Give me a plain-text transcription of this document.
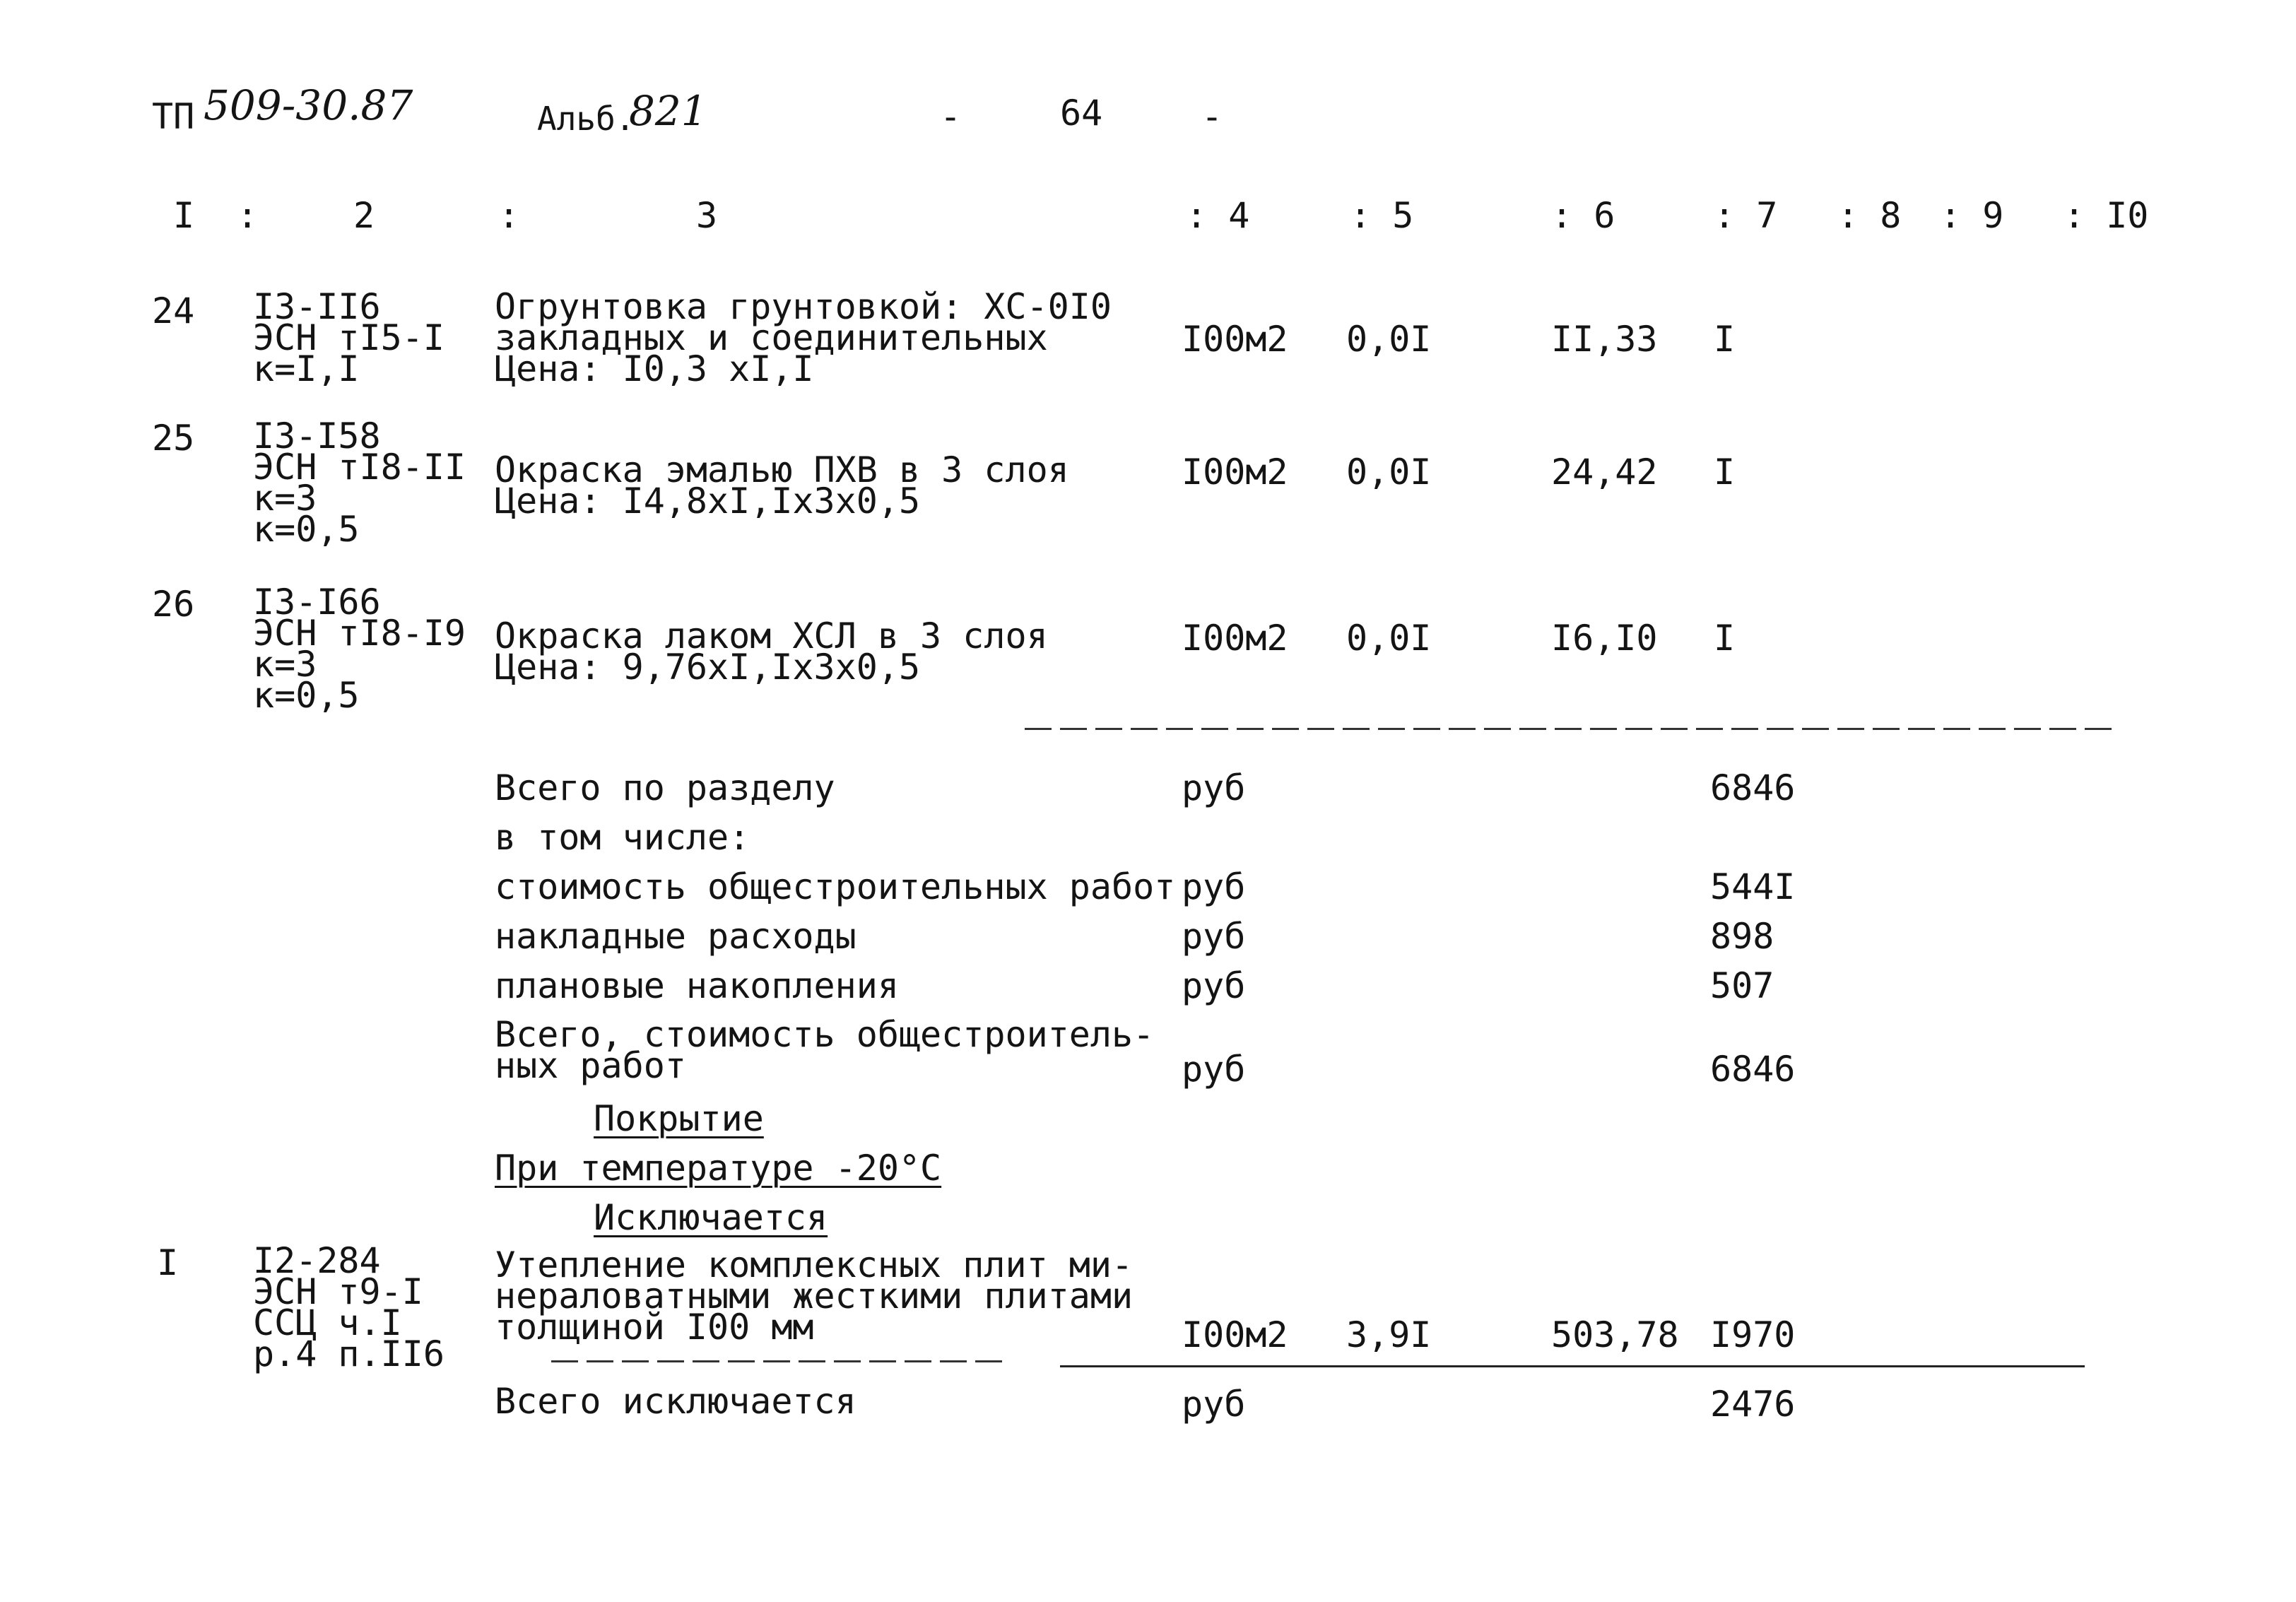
ТП 509-30.87	Альб.
821	-	64	-
I :	2	:	3	: 4	: 5	: 6	: 7 : 8 : 9 : I0
24 I3-II6
ЭСН тI5-I
к=I,I
Огрунтовка грунтовкой: ХС-0I0
закладных и соединительных
Цена: I0,3 хI,I
I00м2 0,0I	II,33 I
25 I3-I58
ЭСН тI8-II
к=3
к=0,5
Окраска эмалью ПХВ в 3 слоя
Цена: I4,8хI,Iх3х0,5
I00м2 0,0I	24,42 I
26 I3-I66
ЭСН тI8-I9
к=3
к=0,5
Окраска лаком ХСЛ в 3 слоя
Цена: 9,76хI,Iх3х0,5
I00м2 0,0I	I6,I0 I
Всего по разделу	руб	6846
в том числе:
стоимость общестроительных работ руб	544I
накладные расходы	руб	898
плановые накопления	руб	507
Всего, стоимость общестроитель-
ных работ	руб	6846
Покрытие
При температуре -20°С
Исключается
I I2-284
ЭСН т9-I
ССЦ ч.I
р.4 п.II6
Утепление комплексных плит ми-
нераловатными жесткими плитами
толщиной I00 мм	I00м2 3,9I	503,78 I970
Всего исключается	руб	2476
